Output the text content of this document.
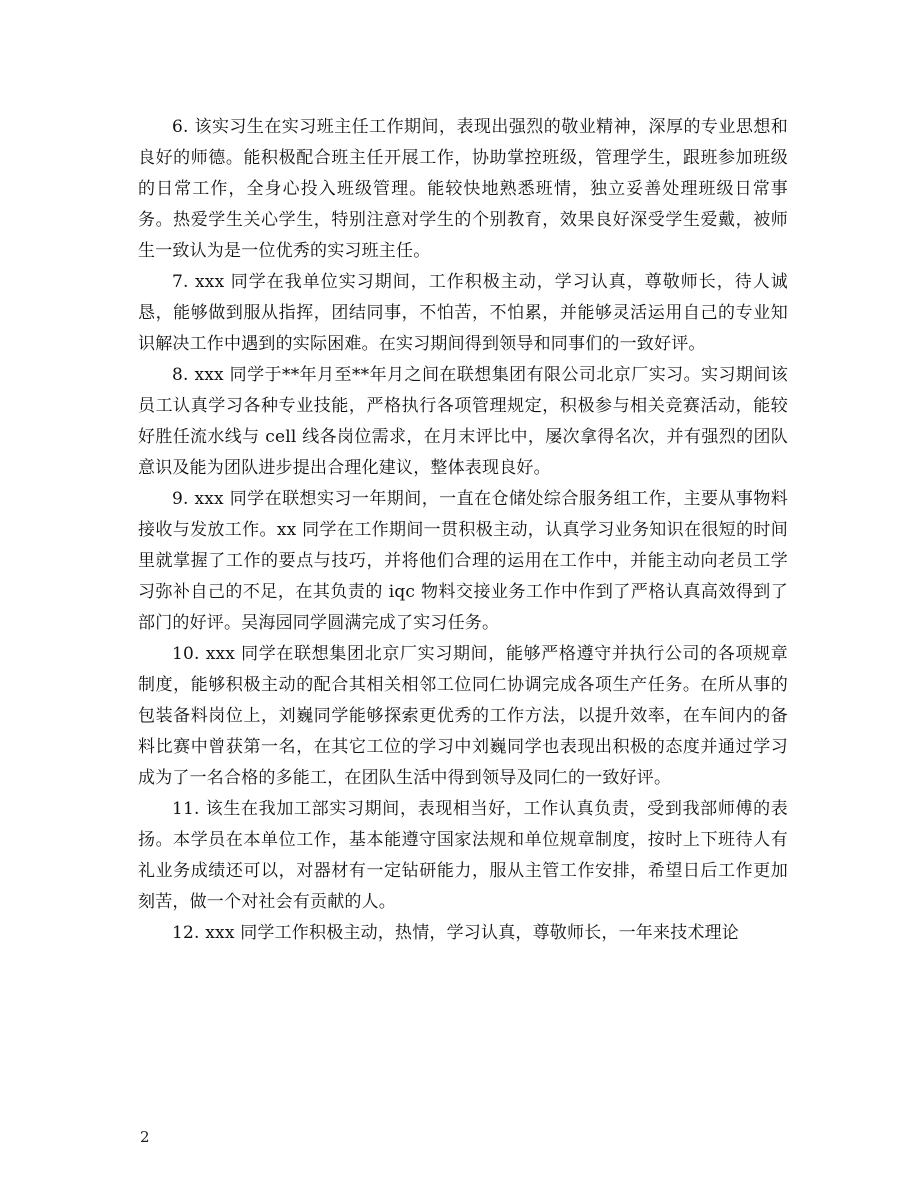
6. 该实习生在实习班主任工作期间，表现出强烈的敬业精神，深厚的专业思想和良好的师德。能积极配合班主任开展工作，协助掌控班级，管理学生，跟班参加班级的日常工作，全身心投入班级管理。能较快地熟悉班情，独立妥善处理班级日常事务。热爱学生关心学生，特别注意对学生的个别教育，效果良好深受学生爱戴，被师生一致认为是一位优秀的实习班主任。

7. xxx 同学在我单位实习期间，工作积极主动，学习认真，尊敬师长，待人诚恳，能够做到服从指挥，团结同事，不怕苦，不怕累，并能够灵活运用自己的专业知识解决工作中遇到的实际困难。在实习期间得到领导和同事们的一致好评。

8. xxx 同学于**年月至**年月之间在联想集团有限公司北京厂实习。实习期间该员工认真学习各种专业技能，严格执行各项管理规定，积极参与相关竞赛活动，能较好胜任流水线与 cell 线各岗位需求，在月末评比中，屡次拿得名次，并有强烈的团队意识及能为团队进步提出合理化建议，整体表现良好。

9. xxx 同学在联想实习一年期间，一直在仓储处综合服务组工作，主要从事物料接收与发放工作。xx 同学在工作期间一贯积极主动，认真学习业务知识在很短的时间里就掌握了工作的要点与技巧，并将他们合理的运用在工作中，并能主动向老员工学习弥补自己的不足，在其负责的 iqc 物料交接业务工作中作到了严格认真高效得到了部门的好评。吴海园同学圆满完成了实习任务。

10. xxx 同学在联想集团北京厂实习期间，能够严格遵守并执行公司的各项规章制度，能够积极主动的配合其相关相邻工位同仁协调完成各项生产任务。在所从事的包装备料岗位上，刘巍同学能够探索更优秀的工作方法，以提升效率，在车间内的备料比赛中曾获第一名，在其它工位的学习中刘巍同学也表现出积极的态度并通过学习成为了一名合格的多能工，在团队生活中得到领导及同仁的一致好评。

11. 该生在我加工部实习期间，表现相当好，工作认真负责，受到我部师傅的表扬。本学员在本单位工作，基本能遵守国家法规和单位规章制度，按时上下班待人有礼业务成绩还可以，对器材有一定钻研能力，服从主管工作安排，希望日后工作更加刻苦，做一个对社会有贡献的人。

12. xxx 同学工作积极主动，热情，学习认真，尊敬师长，一年来技术理论

2
